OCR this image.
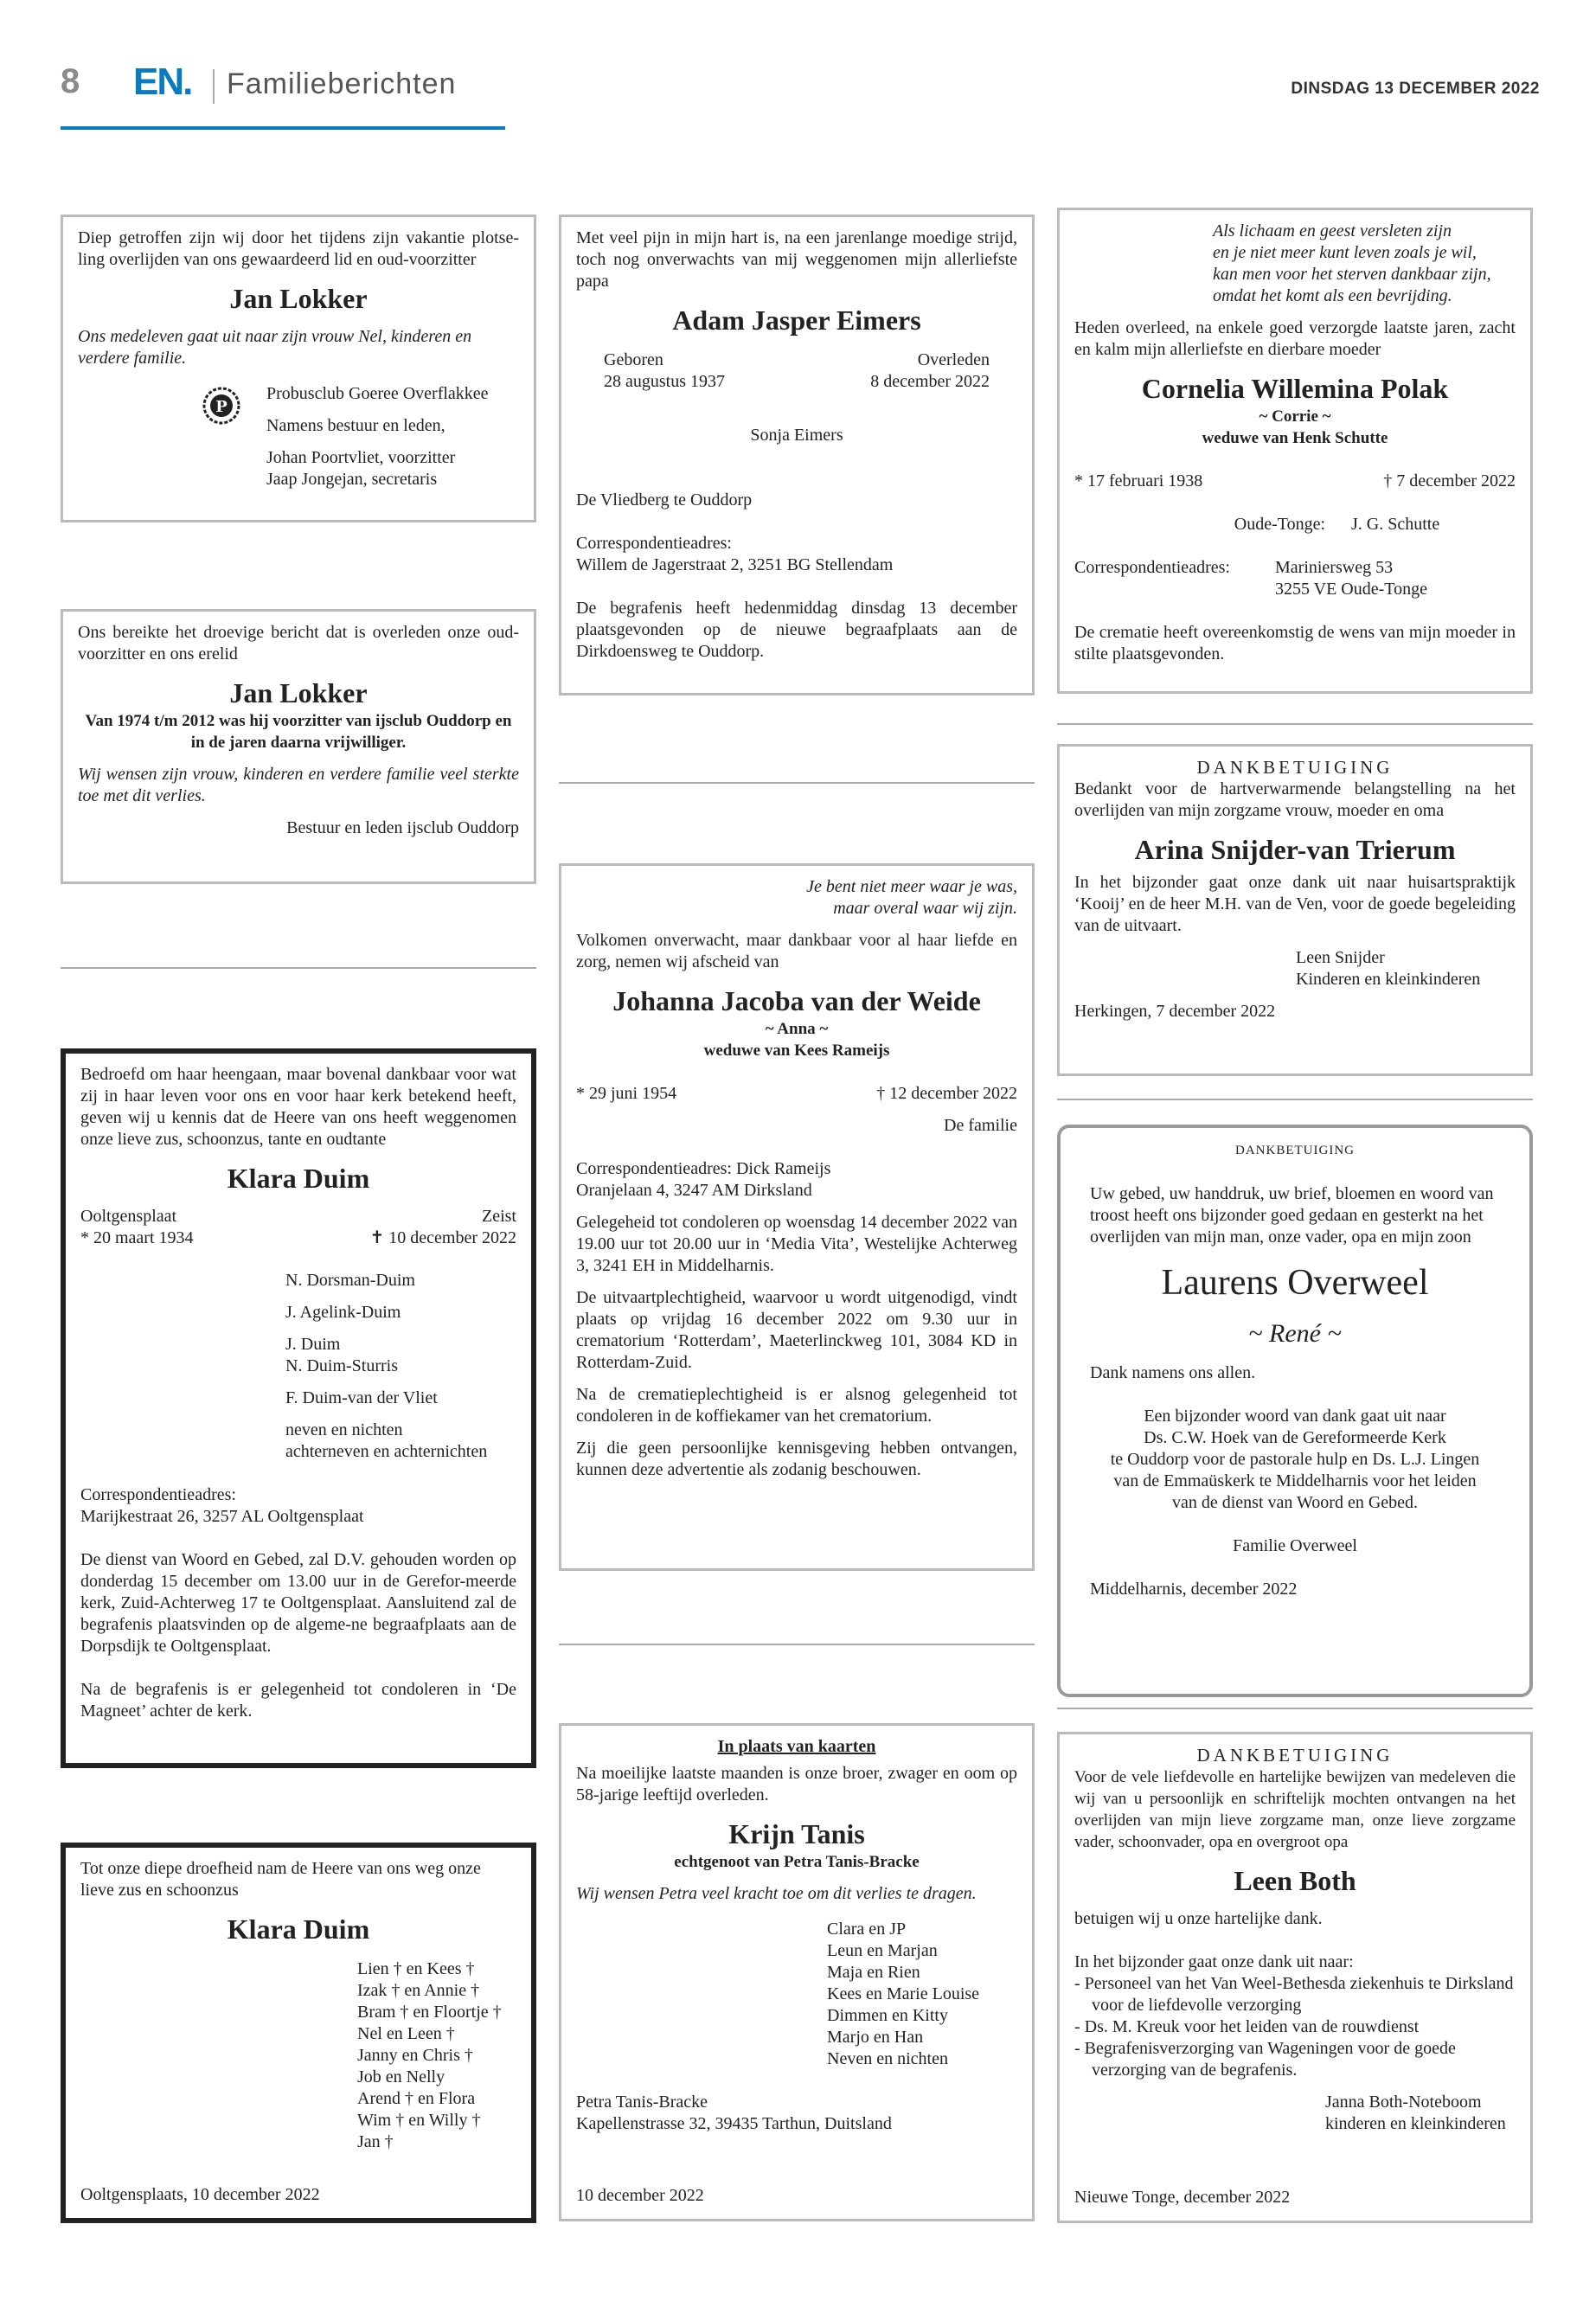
8 EN. Familieberichten	DINSDAG 13 DECEMBER 2022

Diep getroffen zijn wij door het tijdens zijn vakantie plotse-ling overlijden van ons gewaardeerd lid en oud-voorzitter

Jan Lokker

Ons medeleven gaat uit naar zijn vrouw Nel, kinderen en verdere familie.

P

Probusclub Goeree Overflakkee

Namens bestuur en leden,

Johan Poortvliet, voorzitter

Jaap Jongejan, secretaris

Ons bereikte het droevige bericht dat is overleden onze oud-voorzitter en ons erelid

Jan Lokker

Van 1974 t/m 2012 was hij voorzitter van ijsclub Ouddorp en in de jaren daarna vrijwilliger.

Wij wensen zijn vrouw, kinderen en verdere familie veel sterkte toe met dit verlies.

Bestuur en leden ijsclub Ouddorp

Bedroefd om haar heengaan, maar bovenal dankbaar voor wat zij in haar leven voor ons en voor haar kerk betekend heeft, geven wij u kennis dat de Heere van ons heeft weggenomen onze lieve zus, schoonzus, tante en oudtante

Klara Duim

Ooltgensplaat	Zeist
* 20 maart 1934	✝ 10 december 2022

N. Dorsman-Duim

J. Agelink-Duim

J. Duim

N. Duim-Sturris

F. Duim-van der Vliet

neven en nichten

achterneven en achternichten

Correspondentieadres:

Marijkestraat 26, 3257 AL Ooltgensplaat

De dienst van Woord en Gebed, zal D.V. gehouden worden op donderdag 15 december om 13.00 uur in de Gerefor-meerde kerk, Zuid-Achterweg 17 te Ooltgensplaat. Aansluitend zal de begrafenis plaatsvinden op de algeme-ne begraafplaats aan de Dorpsdijk te Ooltgensplaat.

Na de begrafenis is er gelegenheid tot condoleren in ‘De Magneet’ achter de kerk.

Tot onze diepe droefheid nam de Heere van ons weg onze lieve zus en schoonzus

Klara Duim

Lien † en Kees †

Izak † en Annie †

Bram † en Floortje †

Nel en Leen †

Janny en Chris †

Job en Nelly

Arend † en Flora

Wim † en Willy †

Jan †

Ooltgensplaats, 10 december 2022

Met veel pijn in mijn hart is, na een jarenlange moedige strijd, toch nog onverwachts van mij weggenomen mijn allerliefste papa

Adam Jasper Eimers

Geboren	Overleden
28 augustus 1937	8 december 2022

Sonja Eimers

De Vliedberg te Ouddorp

Correspondentieadres:

Willem de Jagerstraat 2, 3251 BG Stellendam

De begrafenis heeft hedenmiddag dinsdag 13 december plaatsgevonden op de nieuwe begraafplaats aan de Dirkdoensweg te Ouddorp.

Je bent niet meer waar je was,

maar overal waar wij zijn.

Volkomen onverwacht, maar dankbaar voor al haar liefde en zorg, nemen wij afscheid van

Johanna Jacoba van der Weide

~ Anna ~

weduwe van Kees Rameijs

* 29 juni 1954	† 12 december 2022

De familie

Correspondentieadres: Dick Rameijs

Oranjelaan 4, 3247 AM Dirksland

Gelegeheid tot condoleren op woensdag 14 december 2022 van 19.00 uur tot 20.00 uur in ‘Media Vita’, Westelijke Achterweg 3, 3241 EH in Middelharnis.

De uitvaartplechtigheid, waarvoor u wordt uitgenodigd, vindt plaats op vrijdag 16 december 2022 om 9.30 uur in crematorium ‘Rotterdam’, Maeterlinckweg 101, 3084 KD in Rotterdam-Zuid.

Na de crematieplechtigheid is er alsnog gelegenheid tot condoleren in de koffiekamer van het crematorium.

Zij die geen persoonlijke kennisgeving hebben ontvangen, kunnen deze advertentie als zodanig beschouwen.

In plaats van kaarten

Na moeilijke laatste maanden is onze broer, zwager en oom op 58-jarige leeftijd overleden.

Krijn Tanis

echtgenoot van Petra Tanis-Bracke

Wij wensen Petra veel kracht toe om dit verlies te dragen.

Clara en JP

Leun en Marjan

Maja en Rien

Kees en Marie Louise

Dimmen en Kitty

Marjo en Han

Neven en nichten

Petra Tanis-Bracke

Kapellenstrasse 32, 39435 Tarthun, Duitsland

10 december 2022

Als lichaam en geest versleten zijn

en je niet meer kunt leven zoals je wil,

kan men voor het sterven dankbaar zijn,

omdat het komt als een bevrijding.

Heden overleed, na enkele goed verzorgde laatste jaren, zacht en kalm mijn allerliefste en dierbare moeder

Cornelia Willemina Polak

~ Corrie ~

weduwe van Henk Schutte

* 17 februari 1938	† 7 december 2022
Oude-Tonge:	J. G. Schutte
Correspondentieadres:	Mariniersweg 53

3255 VE Oude-Tonge

De crematie heeft overeenkomstig de wens van mijn moeder in stilte plaatsgevonden.

DANKBETUIGING

Bedankt voor de hartverwarmende belangstelling na het overlijden van mijn zorgzame vrouw, moeder en oma

Arina Snijder-van Trierum

In het bijzonder gaat onze dank uit naar huisartspraktijk ‘Kooij’ en de heer M.H. van de Ven, voor de goede begeleiding van de uitvaart.

Leen Snijder

Kinderen en kleinkinderen

Herkingen, 7 december 2022

DANKBETUIGING

Uw gebed, uw handdruk, uw brief, bloemen en woord van troost heeft ons bijzonder goed gedaan en gesterkt na het overlijden van mijn man, onze vader, opa en mijn zoon

Laurens Overweel

~ René ~

Dank namens ons allen.

Een bijzonder woord van dank gaat uit naar

Ds. C.W. Hoek van de Gereformeerde Kerk

te Ouddorp voor de pastorale hulp en Ds. L.J. Lingen

van de Emmaüskerk te Middelharnis voor het leiden

van de dienst van Woord en Gebed.

Familie Overweel

Middelharnis, december 2022

DANKBETUIGING

Voor de vele liefdevolle en hartelijke bewijzen van medeleven die wij van u persoonlijk en schriftelijk mochten ontvangen na het overlijden van mijn lieve zorgzame man, onze lieve zorgzame vader, schoonvader, opa en overgroot opa

Leen Both

betuigen wij u onze hartelijke dank.

In het bijzonder gaat onze dank uit naar:

- Personeel van het Van Weel-Bethesda ziekenhuis te Dirksland voor de liefdevolle verzorging

- Ds. M. Kreuk voor het leiden van de rouwdienst

- Begrafenisverzorging van Wageningen voor de goede verzorging van de begrafenis.

Janna Both-Noteboom

kinderen en kleinkinderen

Nieuwe Tonge, december 2022
